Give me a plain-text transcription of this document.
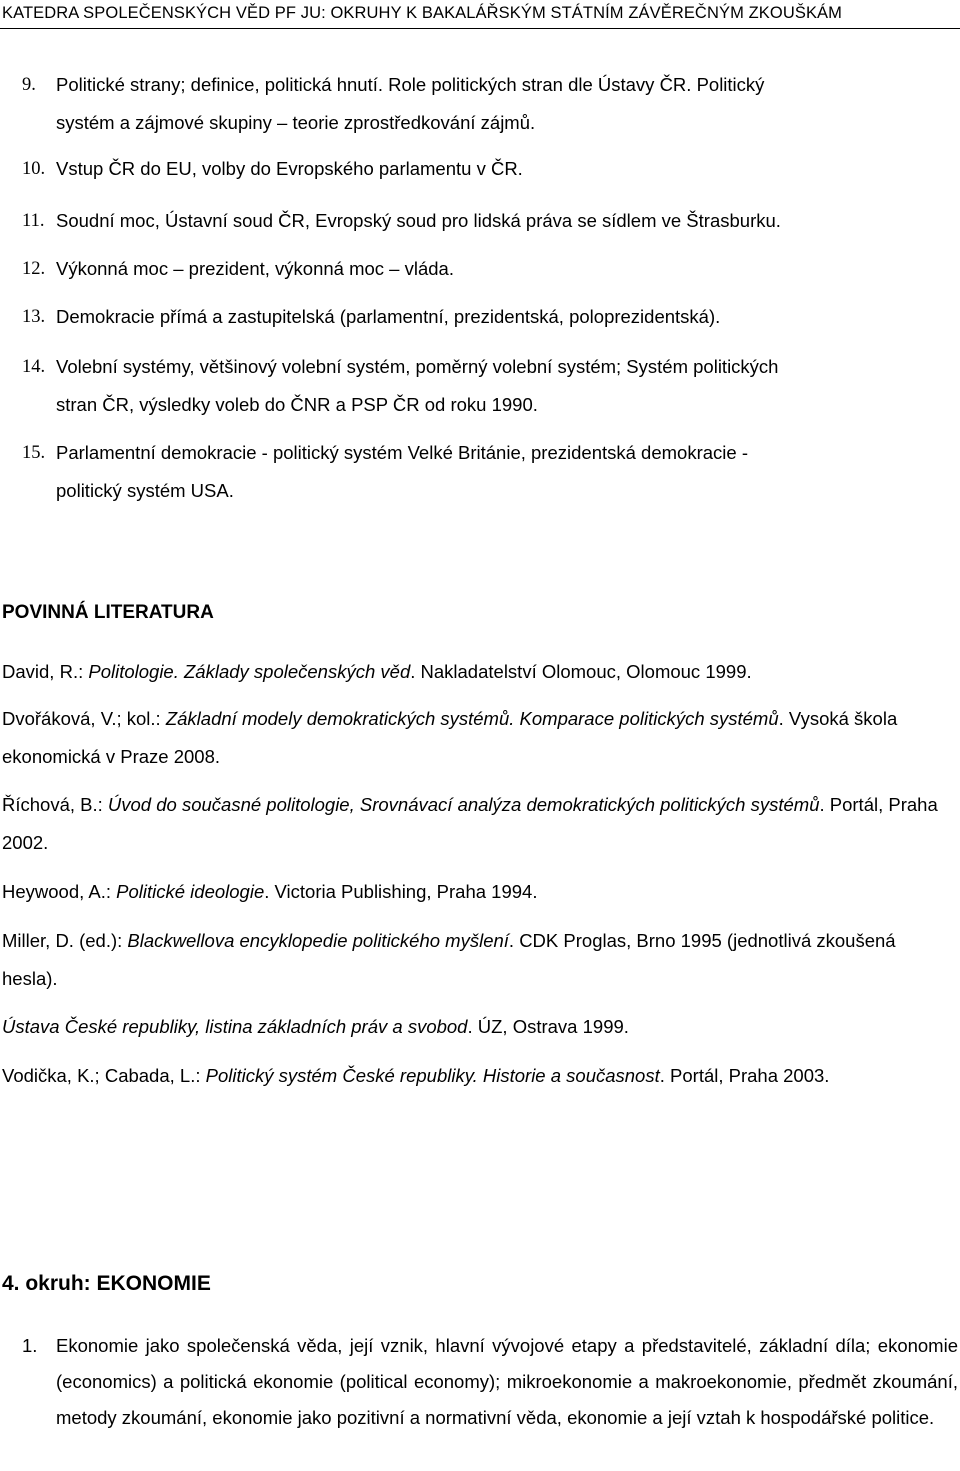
KATEDRA SPOLEČENSKÝCH VĚD PF JU: OKRUHY K BAKALÁŘSKÝM STÁTNÍM ZÁVĚREČNÝM ZKOUŠKÁM
9. Politické strany; definice, politická hnutí. Role politických stran dle Ústavy ČR. Politický
systém a zájmové skupiny – teorie zprostředkování zájmů.
10. Vstup ČR do EU, volby do Evropského parlamentu v ČR.
11. Soudní moc, Ústavní soud ČR, Evropský soud pro lidská práva se sídlem ve Štrasburku.
12. Výkonná moc – prezident, výkonná moc – vláda.
13. Demokracie přímá a zastupitelská (parlamentní, prezidentská, poloprezidentská).
14. Volební systémy, většinový volební systém, poměrný volební systém; Systém politických
stran ČR, výsledky voleb do ČNR a PSP ČR od roku 1990.
15. Parlamentní demokracie - politický systém Velké Británie, prezidentská demokracie -
politický systém USA.
POVINNÁ LITERATURA
David, R.: Politologie. Základy společenských věd. Nakladatelství Olomouc, Olomouc 1999.
Dvořáková, V.; kol.: Základní modely demokratických systémů. Komparace politických systémů. Vysoká škola ekonomická v Praze 2008.
Říchová, B.: Úvod do současné politologie, Srovnávací analýza demokratických politických systémů. Portál, Praha 2002.
Heywood, A.: Politické ideologie. Victoria Publishing, Praha 1994.
Miller, D. (ed.): Blackwellova encyklopedie politického myšlení. CDK Proglas, Brno 1995 (jednotlivá zkoušená hesla).
Ústava České republiky, listina základních práv a svobod. ÚZ, Ostrava 1999.
Vodička, K.; Cabada, L.: Politický systém České republiky. Historie a současnost. Portál, Praha 2003.
4. okruh: EKONOMIE
1. Ekonomie jako společenská věda, její vznik, hlavní vývojové etapy a představitelé, základní díla; ekonomie (economics) a politická ekonomie (political economy); mikroekonomie a makroekonomie, předmět zkoumání, metody zkoumání, ekonomie jako pozitivní a normativní věda, ekonomie a její vztah k hospodářské politice.
